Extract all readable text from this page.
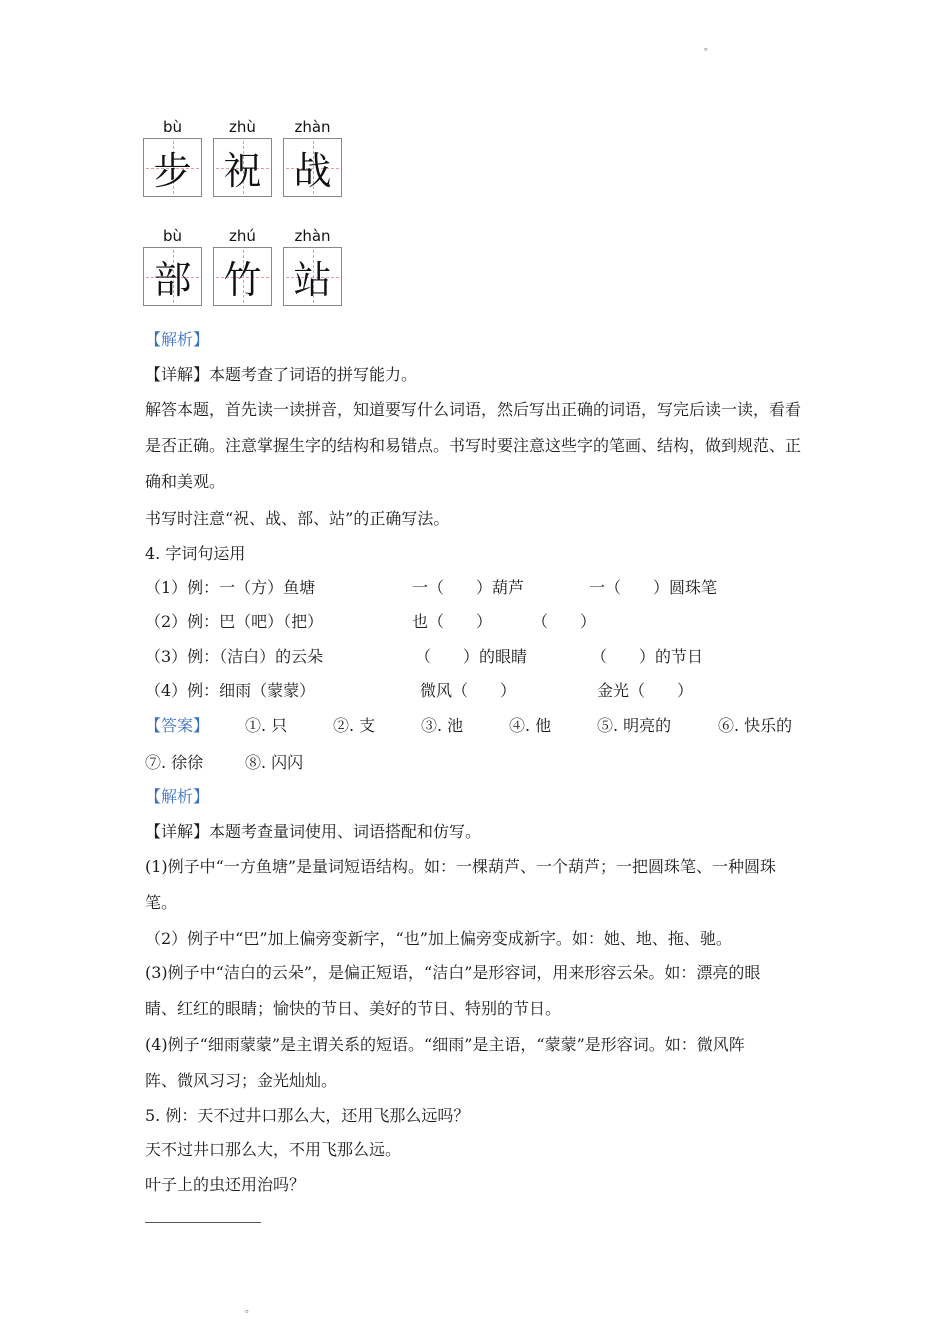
。
bù
步
zhù
祝
zhàn
战
bù
部
zhú
竹
zhàn
站
【解析】
【详解】本题考查了词语的拼写能力。
解答本题，首先读一读拼音，知道要写什么词语，然后写出正确的词语，写完后读一读，看看
是否正确。注意掌握生字的结构和易错点。书写时要注意这些字的笔画、结构，做到规范、正
确和美观。
书写时注意“祝、战、部、站”的正确写法。
4. 字词句运用
（1）例：一（方）鱼塘	一（　　）葫芦	一（　　）圆珠笔
（2）例：巴（吧）（把）	也（　　） （　　）
（3）例：（洁白）的云朵	（　　）的眼睛	（　　）的节日
（4）例：细雨（蒙蒙）	微风（　　）	金光（　　）
【答案】 ①. 只	②. 支	③. 池	④. 他	⑤. 明亮的	⑥. 快乐的
⑦. 徐徐	⑧. 闪闪
【解析】
【详解】本题考查量词使用、词语搭配和仿写。
(1)例子中“一方鱼塘”是量词短语结构。如：一棵葫芦、一个葫芦；一把圆珠笔、一种圆珠
笔。
（2）例子中“巴”加上偏旁变新字，“也”加上偏旁变成新字。如：她、地、拖、驰。
(3)例子中“洁白的云朵”，是偏正短语，“洁白”是形容词，用来形容云朵。如：漂亮的眼
睛、红红的眼睛；愉快的节日、美好的节日、特别的节日。
(4)例子“细雨蒙蒙”是主谓关系的短语。“细雨”是主语，“蒙蒙”是形容词。如：微风阵
阵、微风习习；金光灿灿。
5. 例：天不过井口那么大，还用飞那么远吗？
天不过井口那么大，不用飞那么远。
叶子上的虫还用治吗？
。
